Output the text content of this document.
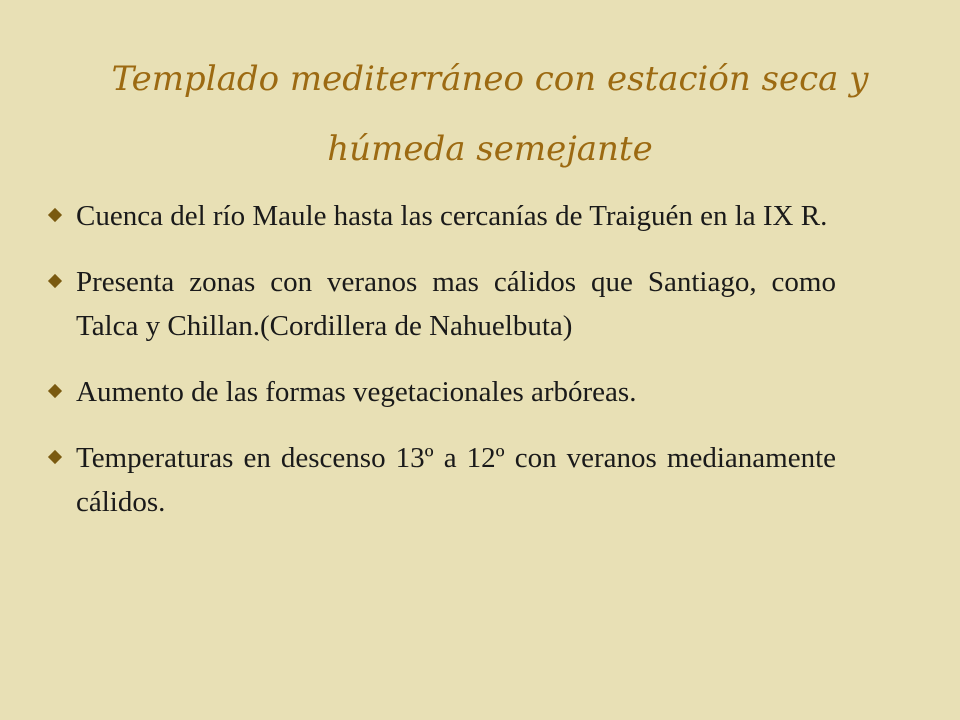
Templado mediterráneo con estación seca y húmeda semejante
Cuenca del río Maule hasta las cercanías de Traiguén en la IX R.
Presenta zonas con veranos mas cálidos que Santiago, como Talca y Chillan.(Cordillera de Nahuelbuta)
Aumento de las formas vegetacionales arbóreas.
Temperaturas en descenso 13º a 12º con veranos medianamente cálidos.
